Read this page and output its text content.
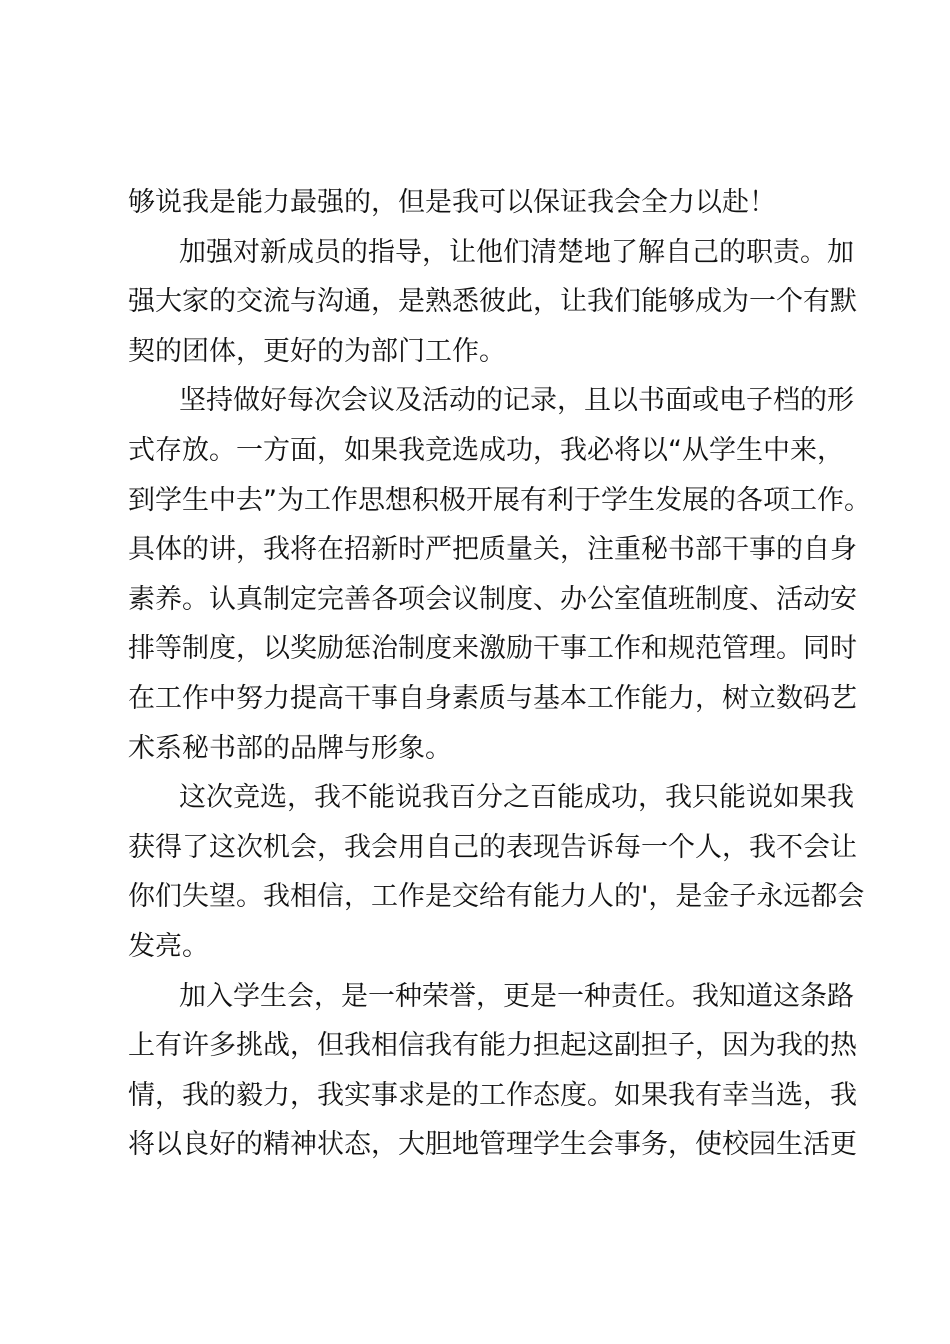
够说我是能力最强的，但是我可以保证我会全力以赴！
加强对新成员的指导，让他们清楚地了解自己的职责。加
强大家的交流与沟通，是熟悉彼此，让我们能够成为一个有默
契的团体，更好的为部门工作。
坚持做好每次会议及活动的记录，且以书面或电子档的形
式存放。一方面，如果我竞选成功，我必将以“从学生中来，
到学生中去”为工作思想积极开展有利于学生发展的各项工作。
具体的讲，我将在招新时严把质量关，注重秘书部干事的自身
素养。认真制定完善各项会议制度、办公室值班制度、活动安
排等制度，以奖励惩治制度来激励干事工作和规范管理。同时
在工作中努力提高干事自身素质与基本工作能力，树立数码艺
术系秘书部的品牌与形象。
这次竞选，我不能说我百分之百能成功，我只能说如果我
获得了这次机会，我会用自己的表现告诉每一个人，我不会让
你们失望。我相信，工作是交给有能力人的'，是金子永远都会
发亮。
加入学生会，是一种荣誉，更是一种责任。我知道这条路
上有许多挑战，但我相信我有能力担起这副担子，因为我的热
情，我的毅力，我实事求是的工作态度。如果我有幸当选，我
将以良好的精神状态，大胆地管理学生会事务，使校园生活更
